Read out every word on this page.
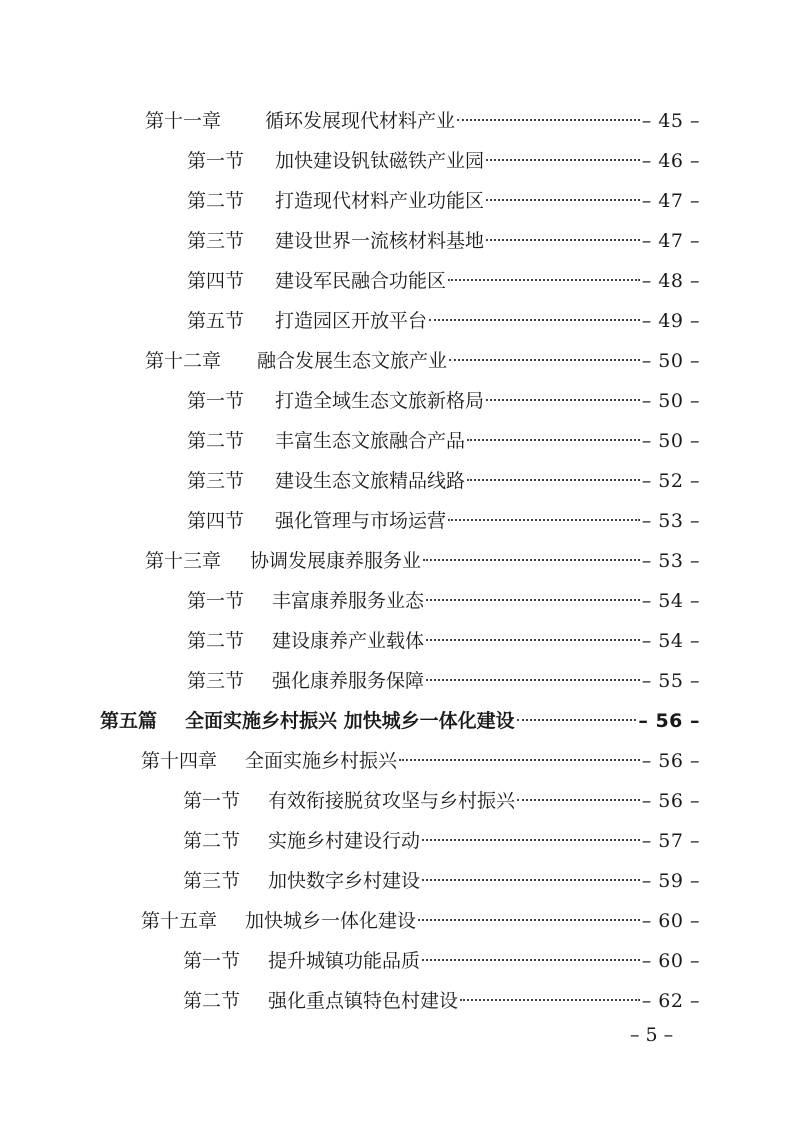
第十一章	循环发展现代材料产业	– 45 –
第一节	加快建设钒钛磁铁产业园	– 46 –
第二节	打造现代材料产业功能区	– 47 –
第三节	建设世界一流核材料基地	– 47 –
第四节	建设军民融合功能区	– 48 –
第五节	打造园区开放平台	– 49 –
第十二章	融合发展生态文旅产业	– 50 –
第一节	打造全域生态文旅新格局	– 50 –
第二节	丰富生态文旅融合产品	– 50 –
第三节	建设生态文旅精品线路	– 52 –
第四节	强化管理与市场运营	– 53 –
第十三章	协调发展康养服务业	– 53 –
第一节	丰富康养服务业态	– 54 –
第二节	建设康养产业载体	– 54 –
第三节	强化康养服务保障	– 55 –
第五篇	全面实施乡村振兴 加快城乡一体化建设	– 56 –
第十四章	全面实施乡村振兴	– 56 –
第一节	有效衔接脱贫攻坚与乡村振兴	– 56 –
第二节	实施乡村建设行动	– 57 –
第三节	加快数字乡村建设	– 59 –
第十五章	加快城乡一体化建设	– 60 –
第一节	提升城镇功能品质	– 60 –
第二节	强化重点镇特色村建设	– 62 –
– 5 –
